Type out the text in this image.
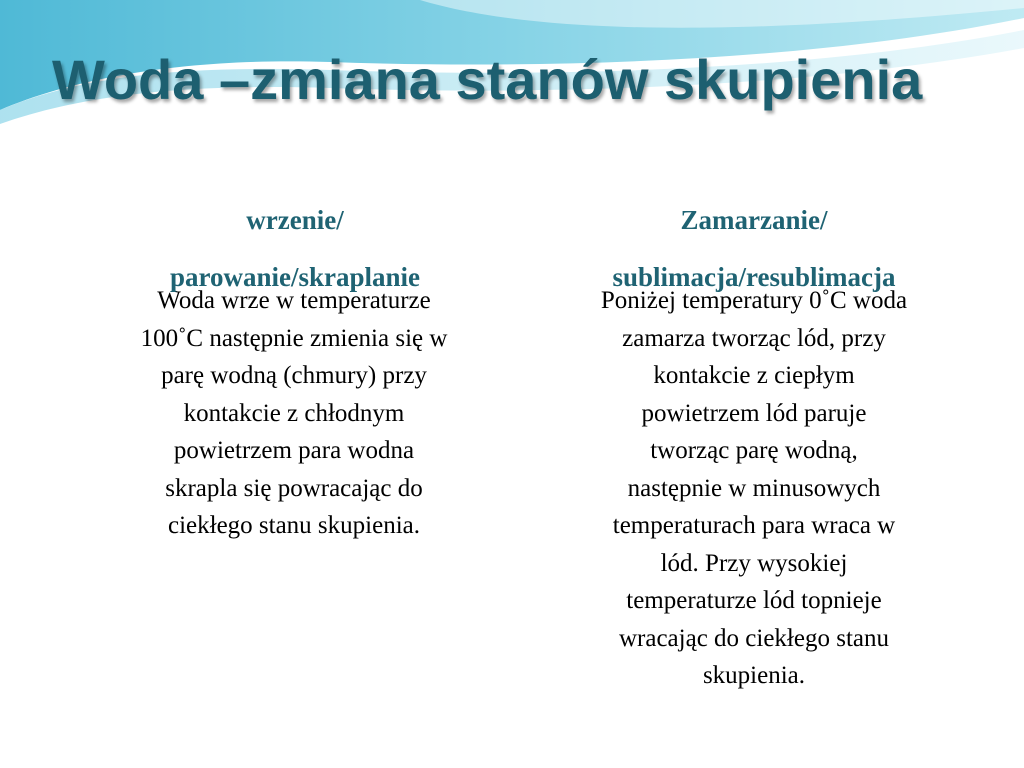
Woda –zmiana stanów skupienia

wrzenie/

parowanie/skraplanie

Zamarzanie/

sublimacja/resublimacja

Woda wrze w temperaturze

100˚C następnie zmienia się w

parę wodną (chmury) przy

kontakcie z chłodnym

powietrzem para wodna

skrapla się powracając do

ciekłego stanu skupienia.

Poniżej temperatury 0˚C woda

zamarza tworząc lód, przy

kontakcie z ciepłym

powietrzem lód paruje

tworząc parę wodną,

następnie w minusowych

temperaturach para wraca w

lód. Przy wysokiej

temperaturze lód topnieje

wracając do ciekłego stanu

skupienia.
